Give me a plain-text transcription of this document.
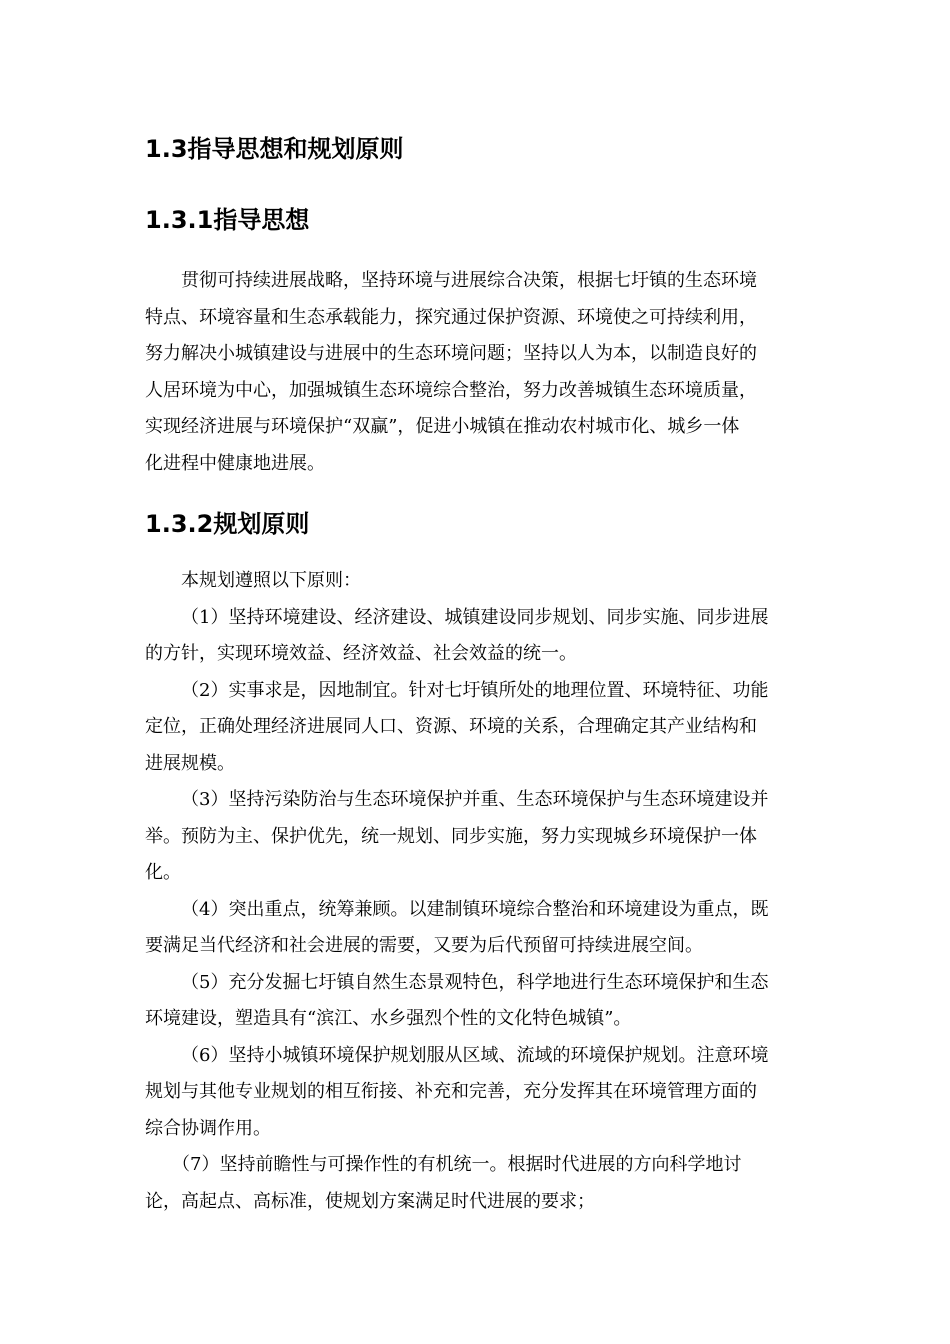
1.3指导思想和规划原则
1.3.1指导思想
贯彻可持续进展战略，坚持环境与进展综合决策，根据七圩镇的生态环境
特点、环境容量和生态承载能力，探究通过保护资源、环境使之可持续利用，
努力解决小城镇建设与进展中的生态环境问题；坚持以人为本，以制造良好的
人居环境为中心，加强城镇生态环境综合整治，努力改善城镇生态环境质量，
实现经济进展与环境保护“双赢”，促进小城镇在推动农村城市化、城乡一体
化进程中健康地进展。
1.3.2规划原则
本规划遵照以下原则：
（1）坚持环境建设、经济建设、城镇建设同步规划、同步实施、同步进展
的方针，实现环境效益、经济效益、社会效益的统一。
（2）实事求是，因地制宜。针对七圩镇所处的地理位置、环境特征、功能
定位，正确处理经济进展同人口、资源、环境的关系，合理确定其产业结构和
进展规模。
（3）坚持污染防治与生态环境保护并重、生态环境保护与生态环境建设并
举。预防为主、保护优先，统一规划、同步实施，努力实现城乡环境保护一体
化。
（4）突出重点，统筹兼顾。以建制镇环境综合整治和环境建设为重点，既
要满足当代经济和社会进展的需要，又要为后代预留可持续进展空间。
（5）充分发掘七圩镇自然生态景观特色，科学地进行生态环境保护和生态
环境建设，塑造具有“滨江、水乡强烈个性的文化特色城镇”。
（6）坚持小城镇环境保护规划服从区域、流域的环境保护规划。注意环境
规划与其他专业规划的相互衔接、补充和完善，充分发挥其在环境管理方面的
综合协调作用。
（7）坚持前瞻性与可操作性的有机统一。根据时代进展的方向科学地讨
论，高起点、高标准，使规划方案满足时代进展的要求；
